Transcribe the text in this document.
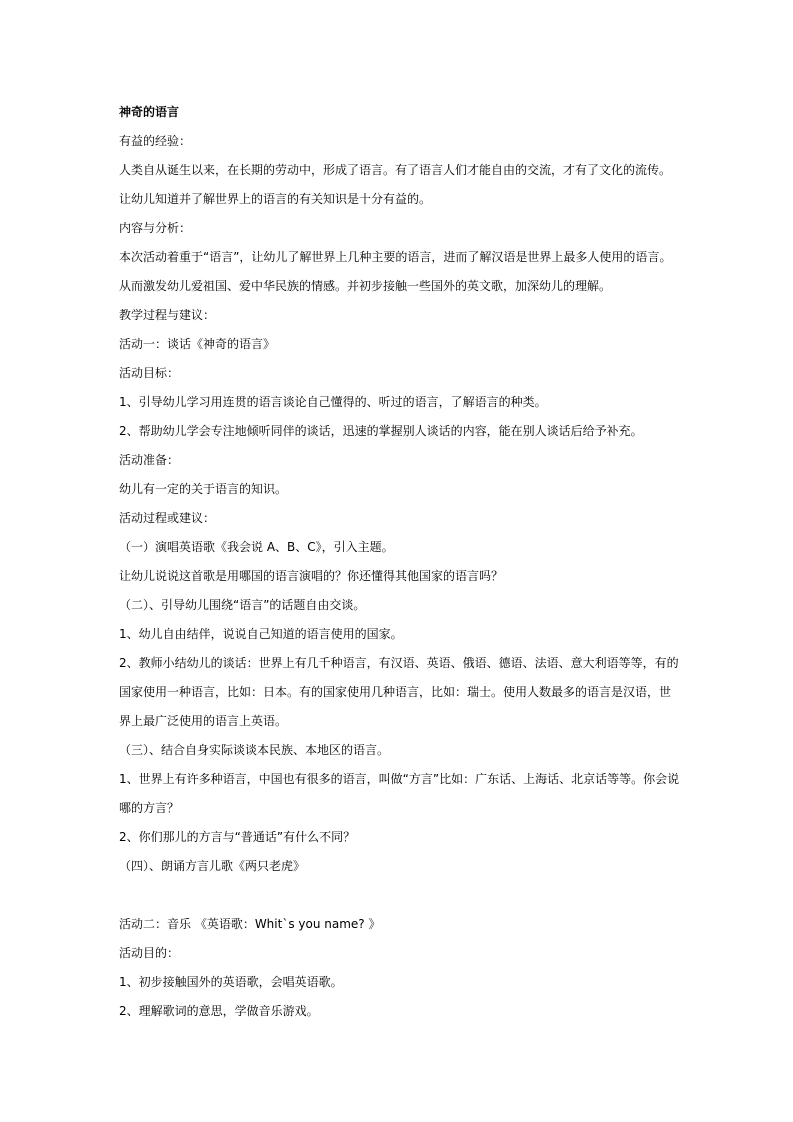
神奇的语言
有益的经验：
人类自从诞生以来，在长期的劳动中，形成了语言。有了语言人们才能自由的交流，才有了文化的流传。
让幼儿知道并了解世界上的语言的有关知识是十分有益的。
内容与分析：
本次活动着重于“语言”，让幼儿了解世界上几种主要的语言，进而了解汉语是世界上最多人使用的语言。
从而激发幼儿爱祖国、爱中华民族的情感。并初步接触一些国外的英文歌，加深幼儿的理解。
教学过程与建议：
活动一：谈话《神奇的语言》
活动目标：
1、引导幼儿学习用连贯的语言谈论自己懂得的、听过的语言，了解语言的种类。
2、帮助幼儿学会专注地倾听同伴的谈话，迅速的掌握别人谈话的内容，能在别人谈话后给予补充。
活动准备：
幼儿有一定的关于语言的知识。
活动过程或建议：
（一）演唱英语歌《我会说 A、B、C》，引入主题。
让幼儿说说这首歌是用哪国的语言演唱的？你还懂得其他国家的语言吗？
（二）、引导幼儿围绕“语言”的话题自由交谈。
1、幼儿自由结伴，说说自己知道的语言使用的国家。
2、教师小结幼儿的谈话：世界上有几千种语言，有汉语、英语、俄语、德语、法语、意大利语等等，有的
国家使用一种语言，比如：日本。有的国家使用几种语言，比如：瑞士。使用人数最多的语言是汉语，世
界上最广泛使用的语言上英语。
（三）、结合自身实际谈谈本民族、本地区的语言。
1、世界上有许多种语言，中国也有很多的语言，叫做“方言”比如：广东话、上海话、北京话等等。你会说
哪的方言？
2、你们那儿的方言与“普通话”有什么不同？
（四）、朗诵方言儿歌《两只老虎》
活动二：音乐 《英语歌：Whit`s you name? 》
活动目的：
1、初步接触国外的英语歌，会唱英语歌。
2、理解歌词的意思，学做音乐游戏。
